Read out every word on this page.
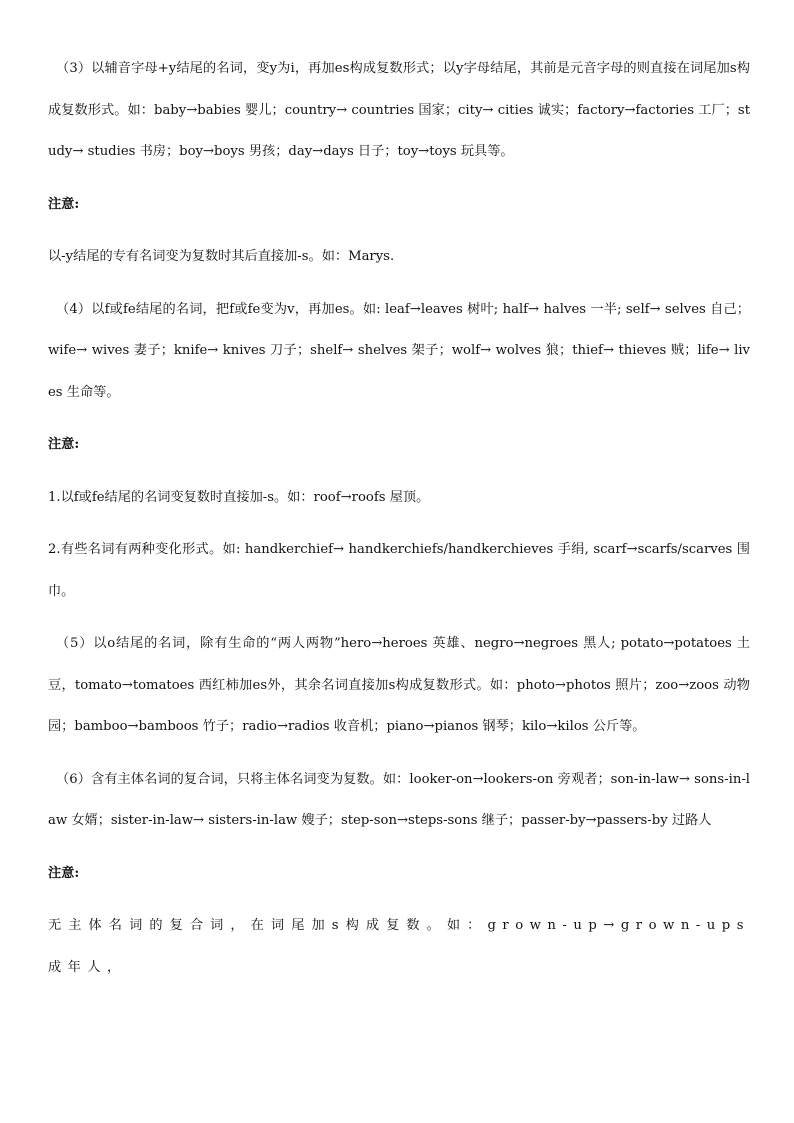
（3）以辅音字母+y结尾的名词，变y为i，再加es构成复数形式；以y字母结尾，其前是元音字母的则直接在词尾加s构成复数形式。如：baby→babies 婴儿；country→ countries 国家；city→ cities 诚实；factory→factories 工厂；study→ studies 书房；boy→boys 男孩；day→days 日子；toy→toys 玩具等。

注意:

以-y结尾的专有名词变为复数时其后直接加-s。如：Marys.

（4）以f或fe结尾的名词，把f或fe变为v，再加es。如: leaf→leaves 树叶; half→ halves 一半; self→ selves 自己；wife→ wives 妻子；knife→ knives 刀子；shelf→ shelves 架子；wolf→ wolves 狼；thief→ thieves 贼；life→ lives 生命等。

注意:

1.以f或fe结尾的名词变复数时直接加-s。如：roof→roofs 屋顶。

2.有些名词有两种变化形式。如: handkerchief→ handkerchiefs/handkerchieves 手绢, scarf→scarfs/scarves 围巾。

（5）以o结尾的名词，除有生命的“两人两物”hero→heroes 英雄、negro→negroes 黑人; potato→potatoes 土豆，tomato→tomatoes 西红柿加es外，其余名词直接加s构成复数形式。如：photo→photos 照片；zoo→zoos 动物园；bamboo→bamboos 竹子；radio→radios 收音机；piano→pianos 钢琴；kilo→kilos 公斤等。

（6）含有主体名词的复合词，只将主体名词变为复数。如：looker-on→lookers-on 旁观者；son-in-law→ sons-in-law 女婿；sister-in-law→ sisters-in-law 嫂子；step-son→steps-sons 继子；passer-by→passers-by 过路人

注意:

无主体名词的复合词，在词尾加s构成复数。如：grown-up→grown-ups 成年人，
